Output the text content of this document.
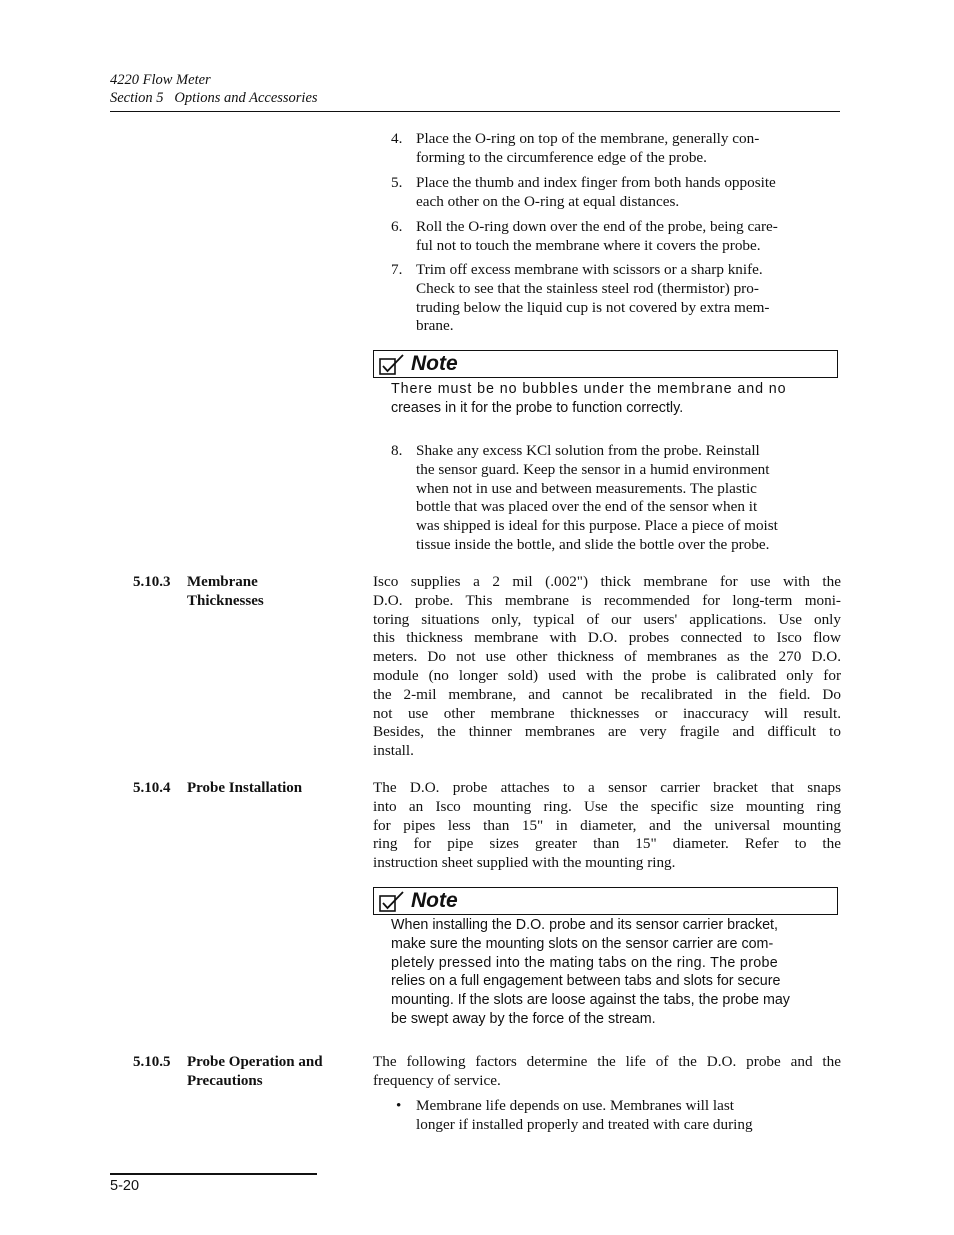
4220 Flow Meter
Section 5   Options and Accessories
4. Place the O-ring on top of the membrane, generally con-
forming to the circumference edge of the probe.
5. Place the thumb and index finger from both hands opposite
each other on the O-ring at equal distances.
6. Roll the O-ring down over the end of the probe, being care-
ful not to touch the membrane where it covers the probe.
7. Trim off excess membrane with scissors or a sharp knife.
Check to see that the stainless steel rod (thermistor) pro-
truding below the liquid cup is not covered by extra mem-
brane.
Note
There must be no bubbles under the membrane and no
creases in it for the probe to function correctly.
8. Shake any excess KCl solution from the probe. Reinstall
the sensor guard. Keep the sensor in a humid environment
when not in use and between measurements. The plastic
bottle that was placed over the end of the sensor when it
was shipped is ideal for this purpose. Place a piece of moist
tissue inside the bottle, and slide the bottle over the probe.
5.10.3 Membrane
Thicknesses
Isco supplies a 2 mil (.002") thick membrane for use with the
D.O. probe. This membrane is recommended for long-term moni-
toring situations only, typical of our users' applications. Use only
this thickness membrane with D.O. probes connected to Isco flow
meters. Do not use other thickness of membranes as the 270 D.O.
module (no longer sold) used with the probe is calibrated only for
the 2-mil membrane, and cannot be recalibrated in the field. Do
not use other membrane thicknesses or inaccuracy will result.
Besides, the thinner membranes are very fragile and difficult to
install.
5.10.4 Probe Installation	The D.O. probe attaches to a sensor carrier bracket that snaps
into an Isco mounting ring. Use the specific size mounting ring
for pipes less than 15" in diameter, and the universal mounting
ring for pipe sizes greater than 15" diameter. Refer to the
instruction sheet supplied with the mounting ring.
Note
When installing the D.O. probe and its sensor carrier bracket,
make sure the mounting slots on the sensor carrier are com-
pletely pressed into the mating tabs on the ring. The probe
relies on a full engagement between tabs and slots for secure
mounting. If the slots are loose against the tabs, the probe may
be swept away by the force of the stream.
5.10.5 Probe Operation and
Precautions
The following factors determine the life of the D.O. probe and the
frequency of service.
• Membrane life depends on use. Membranes will last
longer if installed properly and treated with care during
5-20
